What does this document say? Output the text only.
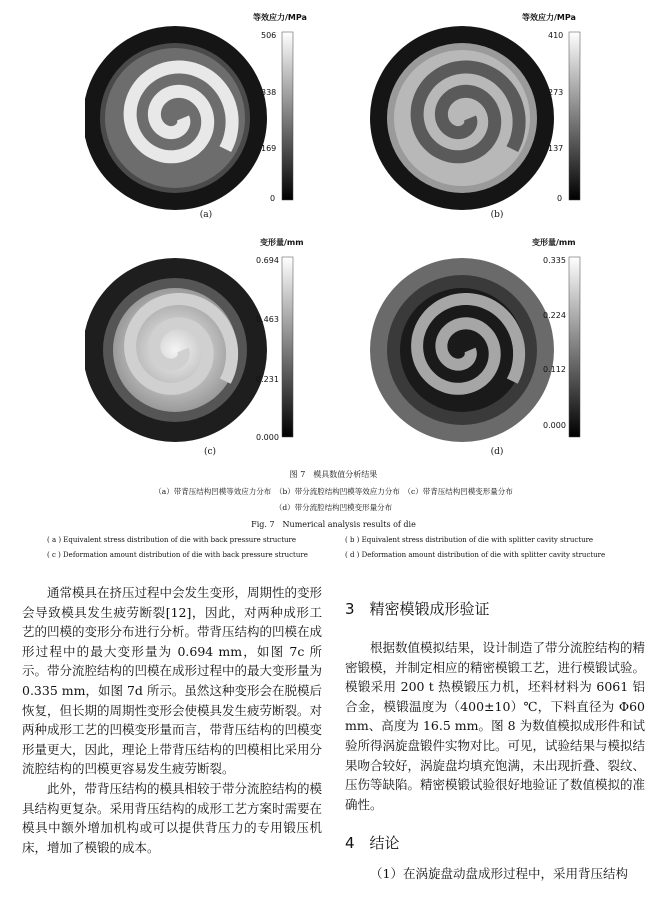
等效应力/MPa
506
338
169
0
(a)
等效应力/MPa
410
273
137
0
(b)
变形量/mm
0.694
0.463
0.231
0.000
(c)
变形量/mm
0.335
0.224
0.112
0.000
(d)
图 7　模具数值分析结果
（a）带背压结构凹模等效应力分布　（b）带分流腔结构凹模等效应力分布　（c）带背压结构凹模变形量分布
（d）带分流腔结构凹模变形量分布
Fig. 7　Numerical analysis results of die
( a ) Equivalent stress distribution of die with back pressure structure	( b ) Equivalent stress distribution of die with splitter cavity structure
( c ) Deformation amount distribution of die with back pressure structure	( d ) Deformation amount distribution of die with splitter cavity structure

通常模具在挤压过程中会发生变形，周期性的变形会导致模具发生疲劳断裂[12]，因此，对两种成形工艺的凹模的变形分布进行分析。带背压结构的凹模在成形过程中的最大变形量为 0.694 mm，如图 7c 所示。带分流腔结构的凹模在成形过程中的最大变形量为 0.335 mm，如图 7d 所示。虽然这种变形会在脱模后恢复，但长期的周期性变形会使模具发生疲劳断裂。对两种成形工艺的凹模变形量而言，带背压结构的凹模变形量更大，因此，理论上带背压结构的凹模相比采用分流腔结构的凹模更容易发生疲劳断裂。

此外，带背压结构的模具相较于带分流腔结构的模具结构更复杂。采用背压结构的成形工艺方案时需要在模具中额外增加机构或可以提供背压力的专用锻压机床，增加了模锻的成本。

3　精密模锻成形验证

根据数值模拟结果，设计制造了带分流腔结构的精密锻模，并制定相应的精密模锻工艺，进行模锻试验。模锻采用 200 t 热模锻压力机，坯料材料为 6061 铝合金，模锻温度为（400±10）℃，下料直径为 Φ60 mm、高度为 16.5 mm。图 8 为数值模拟成形件和试验所得涡旋盘锻件实物对比。可见，试验结果与模拟结果吻合较好，涡旋盘均填充饱满，未出现折叠、裂纹、压伤等缺陷。精密模锻试验很好地验证了数值模拟的准确性。

4　结论

（1）在涡旋盘动盘成形过程中，采用背压结构
